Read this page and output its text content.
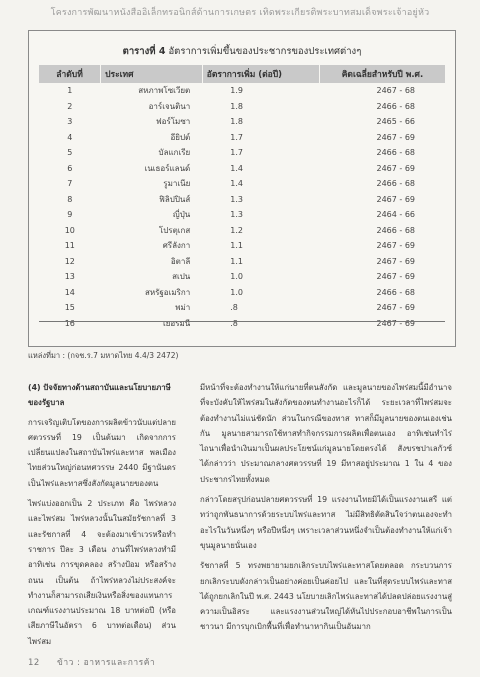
โครงการพัฒนาหนังสืออิเล็กทรอนิกส์ด้านการเกษตร เทิดพระเกียรติพระบาทสมเด็จพระเจ้าอยู่หัว
ตารางที่ 4 อัตราการเพิ่มขึ้นของประชากรของประเทศต่างๆ
ลำดับที่	ประเทศ	อัตราการเพิ่ม (ต่อปี)	คิดเฉลี่ยสำหรับปี พ.ศ.
1	สหภาพโซเวียต	1.9	2467 - 68
2	อาร์เจนตินา	1.8	2466 - 68
3	ฟอร์โมซา	1.8	2465 - 66
4	อียิปต์	1.7	2467 - 69
5	บัลแกเรีย	1.7	2466 - 68
6	เนเธอร์แลนด์	1.4	2467 - 69
7	รูมาเนีย	1.4	2466 - 68
8	ฟิลิปปินส์	1.3	2467 - 69
9	ญี่ปุ่น	1.3	2464 - 66
10	โปรตุเกส	1.2	2466 - 68
11	ศรีลังกา	1.1	2467 - 69
12	อิตาลี	1.1	2467 - 69
13	สเปน	1.0	2467 - 69
14	สหรัฐอเมริกา	1.0	2466 - 68
15	พม่า	.8	2467 - 69
16	เยอรมนี	.8	2467 - 69
แหล่งที่มา : (กจช.ร.7 มหาดไทย 4.4/3 2472)
(4) ปัจจัยทางด้านสถาบันและนโยบายภาษีของรัฐบาล

การเจริญเติบโตของการผลิตข้าวนับแต่ปลายศตวรรษที่ 19 เป็นต้นมา เกิดจากการเปลี่ยนแปลงในสถาบันไพร่และทาส พลเมืองไทยส่วนใหญ่ก่อนทศวรรษ 2440 มีฐานันดรเป็นไพร่และทาสซึ่งสังกัดมูลนายของตน

ไพร่แบ่งออกเป็น 2 ประเภท คือ ไพร่หลวง และไพร่สม ไพร่หลวงนั้นในสมัยรัชกาลที่ 3 และรัชกาลที่ 4 จะต้องมาเข้าเวรหรือทำราชการ ปีละ 3 เดือน งานที่ไพร่หลวงทำมีอาทิเช่น การขุดคลอง สร้างป้อม หรือสร้างถนน เป็นต้น ถ้าไพร่หลวงไม่ประสงค์จะทำงานก็สามารถเสียเงินหรือสิ่งของแทนการเกณฑ์แรงงานประมาณ 18 บาทต่อปี (หรือเสียภาษีในอัตรา 6 บาทต่อเดือน) ส่วนไพร่สม

มีหน้าที่จะต้องทำงานให้แก่นายที่ตนสังกัด และมูลนายของไพร่สมนี้มีอำนาจที่จะบังคับให้ไพร่สมในสังกัดของตนทำงานอะไรก็ได้ ระยะเวลาที่ไพร่สมจะต้องทำงานไม่แน่ชัดนัก ส่วนในกรณีของทาส ทาสก็มีมูลนายของตนเองเช่นกัน มูลนายสามารถใช้ทาสทำกิจกรรมการผลิตเพื่อตนเอง อาทิเช่นทำไร่ไถนาเพื่อนำเงินมาเป็นผลประโยชน์แก่มูลนายโดยตรงได้ สังขรชปาเลกัวซ์ได้กล่าวว่า ประมาณกลางศตวรรษที่ 19 มีทาสอยู่ประมาณ 1 ใน 4 ของประชากรไทยทั้งหมด

กล่าวโดยสรุปก่อนปลายศตวรรษที่ 19 แรงงานไทยมิได้เป็นแรงงานเสรี แต่ทว่าถูกพันธนาการด้วยระบบไพร่และทาส ไม่มีสิทธิตัดสินใจว่าตนเองจะทำอะไรในวันหนึ่งๆ หรือปีหนึ่งๆ เพราะเวลาส่วนหนึ่งจำเป็นต้องทำงานให้แก่เจ้าขุนมูลนายนั่นเอง

รัชกาลที่ 5 ทรงพยายามยกเลิกระบบไพร่และทาสโดยตลอด กระบวนการยกเลิกระบบดังกล่าวเป็นอย่างค่อยเป็นค่อยไป และในที่สุดระบบไพร่และทาสได้ถูกยกเลิกในปี พ.ศ. 2443 นโยบายเลิกไพร่และทาสได้ปลดปล่อยแรงงานสู่ความเป็นอิสระ และแรงงานส่วนใหญ่ได้หันไปประกอบอาชีพในการเป็นชาวนา มีการบุกเบิกพื้นที่เพื่อทำนาหากินเป็นอันมาก

12 ข้าว : อาหารและการค้า
